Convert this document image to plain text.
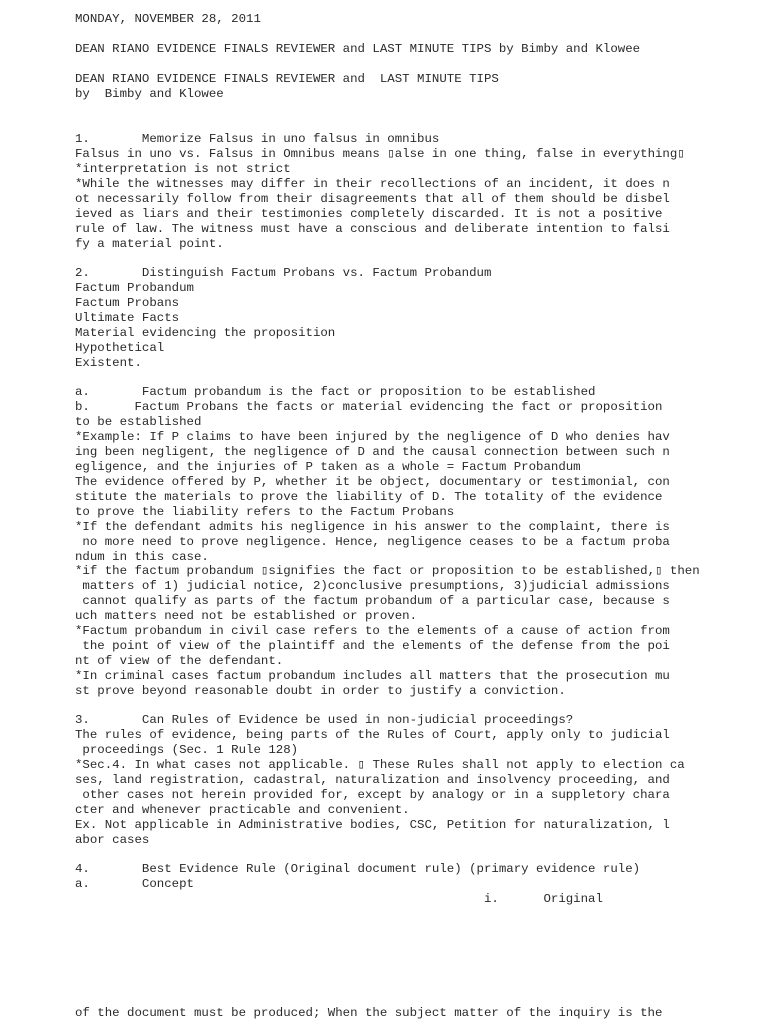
MONDAY, NOVEMBER 28, 2011
DEAN RIANO EVIDENCE FINALS REVIEWER and LAST MINUTE TIPS by Bimby and Klowee
DEAN RIANO EVIDENCE FINALS REVIEWER and  LAST MINUTE TIPS
by  Bimby and Klowee
1.       Memorize Falsus in uno falsus in omnibus
Falsus in uno vs. Falsus in Omnibus means ▯alse in one thing, false in everything▯
*interpretation is not strict
*While the witnesses may differ in their recollections of an incident, it does n
ot necessarily follow from their disagreements that all of them should be disbel
ieved as liars and their testimonies completely discarded. It is not a positive
rule of law. The witness must have a conscious and deliberate intention to falsi
fy a material point.
2.       Distinguish Factum Probans vs. Factum Probandum
Factum Probandum
Factum Probans
Ultimate Facts
Material evidencing the proposition
Hypothetical
Existent.
a.       Factum probandum is the fact or proposition to be established
b.      Factum Probans the facts or material evidencing the fact or proposition
to be established
*Example: If P claims to have been injured by the negligence of D who denies hav
ing been negligent, the negligence of D and the causal connection between such n
egligence, and the injuries of P taken as a whole = Factum Probandum
The evidence offered by P, whether it be object, documentary or testimonial, con
stitute the materials to prove the liability of D. The totality of the evidence
to prove the liability refers to the Factum Probans
*If the defendant admits his negligence in his answer to the complaint, there is
no more need to prove negligence. Hence, negligence ceases to be a factum proba
ndum in this case.
*if the factum probandum ▯signifies the fact or proposition to be established,▯ then
matters of 1) judicial notice, 2)conclusive presumptions, 3)judicial admissions
cannot qualify as parts of the factum probandum of a particular case, because s
uch matters need not be established or proven.
*Factum probandum in civil case refers to the elements of a cause of action from
the point of view of the plaintiff and the elements of the defense from the poi
nt of view of the defendant.
*In criminal cases factum probandum includes all matters that the prosecution mu
st prove beyond reasonable doubt in order to justify a conviction.
3.       Can Rules of Evidence be used in non-judicial proceedings?
The rules of evidence, being parts of the Rules of Court, apply only to judicial
proceedings (Sec. 1 Rule 128)
*Sec.4. In what cases not applicable. ▯ These Rules shall not apply to election ca
ses, land registration, cadastral, naturalization and insolvency proceeding, and
other cases not herein provided for, except by analogy or in a suppletory chara
cter and whenever practicable and convenient.
Ex. Not applicable in Administrative bodies, CSC, Petition for naturalization, l
abor cases
4.       Best Evidence Rule (Original document rule) (primary evidence rule)
a.       Concept
i.      Original
of the document must be produced; When the subject matter of the inquiry is the
